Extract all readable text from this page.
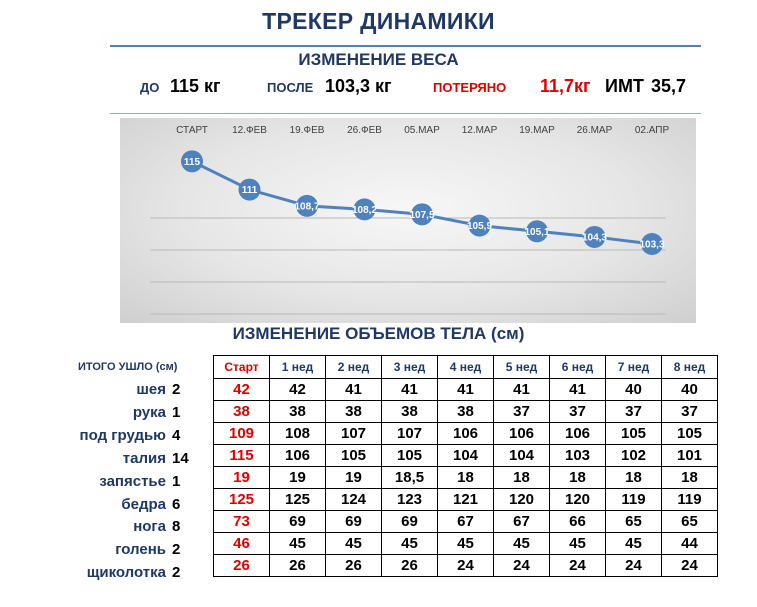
ТРЕКЕР ДИНАМИКИ
ИЗМЕНЕНИЕ ВЕСА
ДО 115 кг	ПОСЛЕ 103,3 кг	ПОТЕРЯНО 11,7кг ИМТ 35,7
СТАРТ 12.ФЕВ 19.ФЕВ 26.ФЕВ 05.МАР 12.МАР 19.МАР 26.МАР 02.АПР
115
111
108,7	108,2	107,5
105,9
105,1
104,3
103,3
ИЗМЕНЕНИЕ ОБЪЕМОВ ТЕЛА (см)
ИТОГО УШЛО (см)
шея 2
рука 1
под грудью 4
талия 14
запястье 1
бедра 6
нога 8
голень 2
щиколотка 2
Старт	1 нед	2 нед	3 нед	4 нед	5 нед	6 нед	7 нед	8 нед
42	42	41	41	41	41	41	40	40
38	38	38	38	38	37	37	37	37
109	108	107	107	106	106	106	105	105
115	106	105	105	104	104	103	102	101
19	19	19	18,5	18	18	18	18	18
125	125	124	123	121	120	120	119	119
73	69	69	69	67	67	66	65	65
46	45	45	45	45	45	45	45	44
26	26	26	26	24	24	24	24	24
